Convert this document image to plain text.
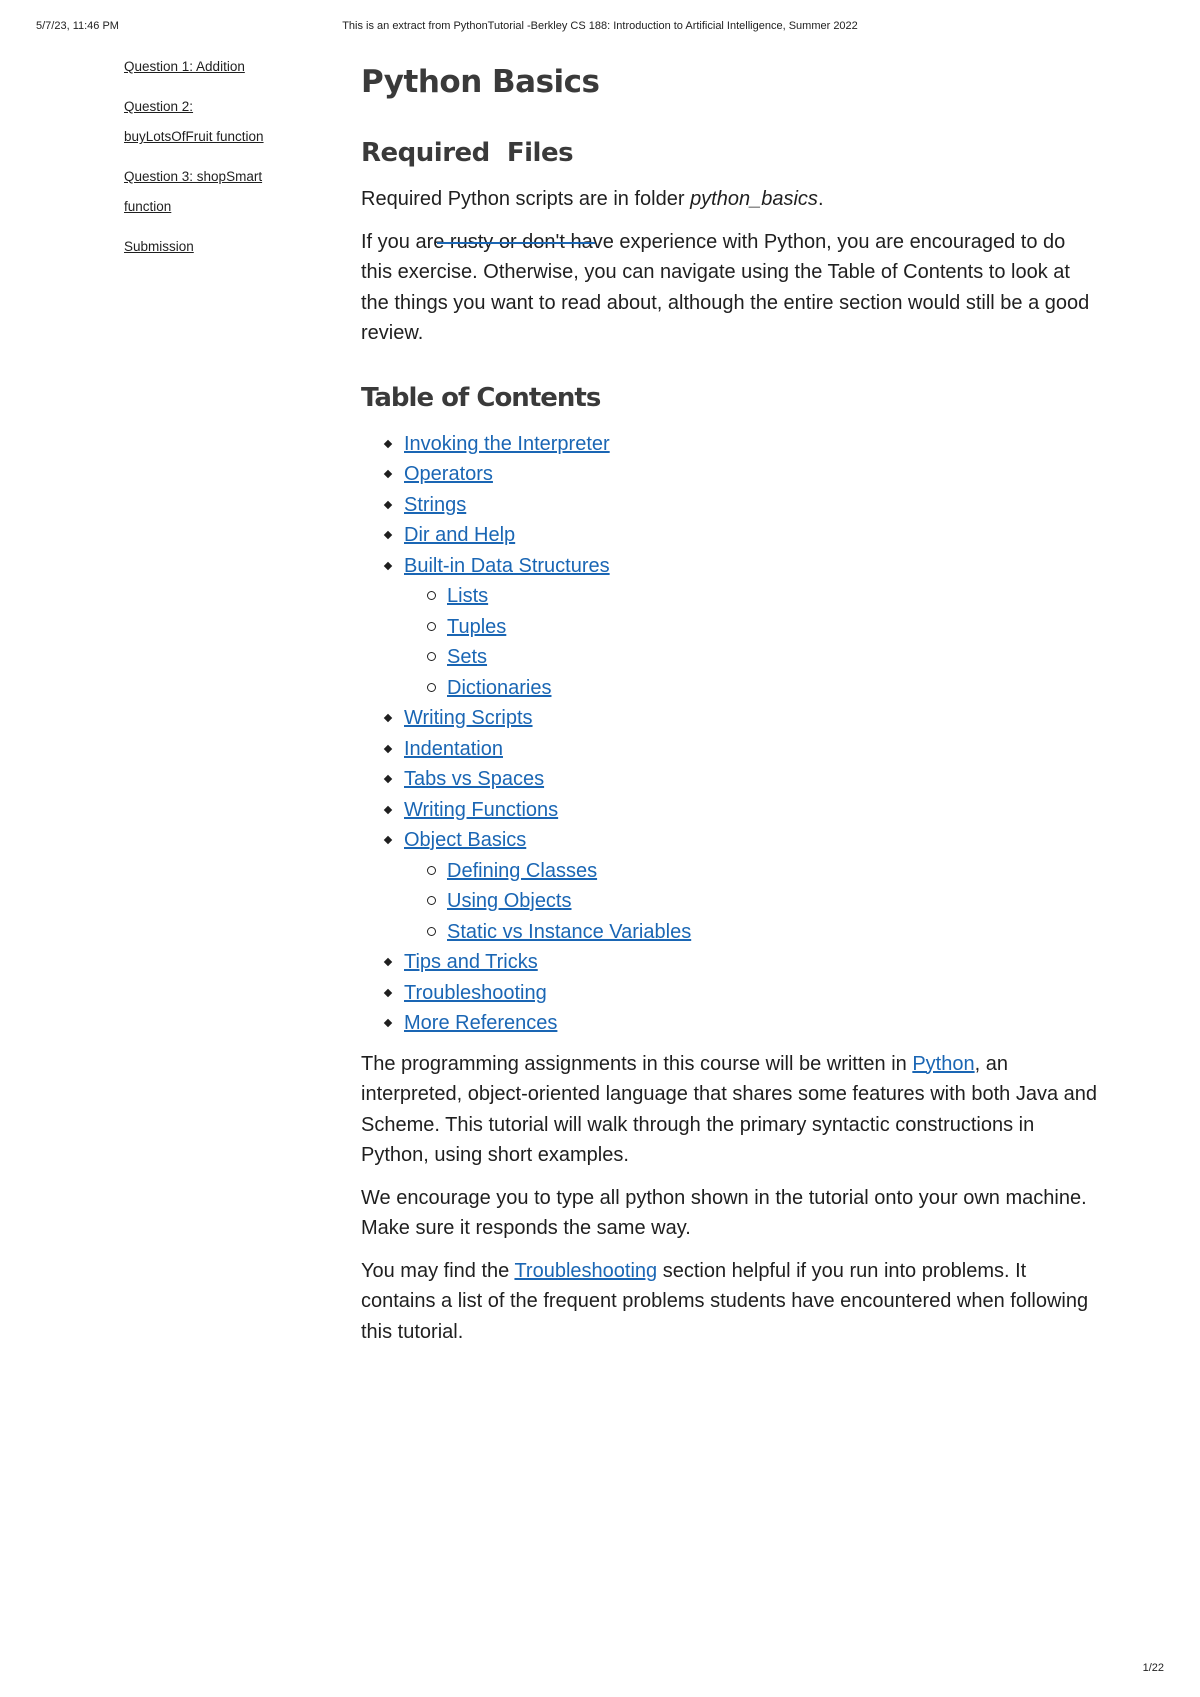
5/7/23, 11:46 PM	This is an extract from PythonTutorial -Berkley CS 188: Introduction to Artificial Intelligence, Summer 2022
Question 1: Addition
Question 2: buyLotsOfFruit function
Question 3: shopSmart function
Submission
Python Basics
Required  Files

Required Python scripts are in folder python_basics.

If you are rusty or don't have experience with Python, you are encouraged to do this exercise. Otherwise, you can navigate using the Table of Contents to look at the things you want to read about, although the entire section would still be a good review.

Table of Contents
Invoking the Interpreter
Operators
Strings
Dir and Help
Built-in Data Structures
Lists
Tuples
Sets
Dictionaries
Writing Scripts
Indentation
Tabs vs Spaces
Writing Functions
Object Basics
Defining Classes
Using Objects
Static vs Instance Variables
Tips and Tricks
Troubleshooting
More References

The programming assignments in this course will be written in Python, an interpreted, object-oriented language that shares some features with both Java and Scheme. This tutorial will walk through the primary syntactic constructions in Python, using short examples.

We encourage you to type all python shown in the tutorial onto your own machine. Make sure it responds the same way.

You may find the Troubleshooting section helpful if you run into problems. It contains a list of the frequent problems students have encountered when following this tutorial.

1/22
